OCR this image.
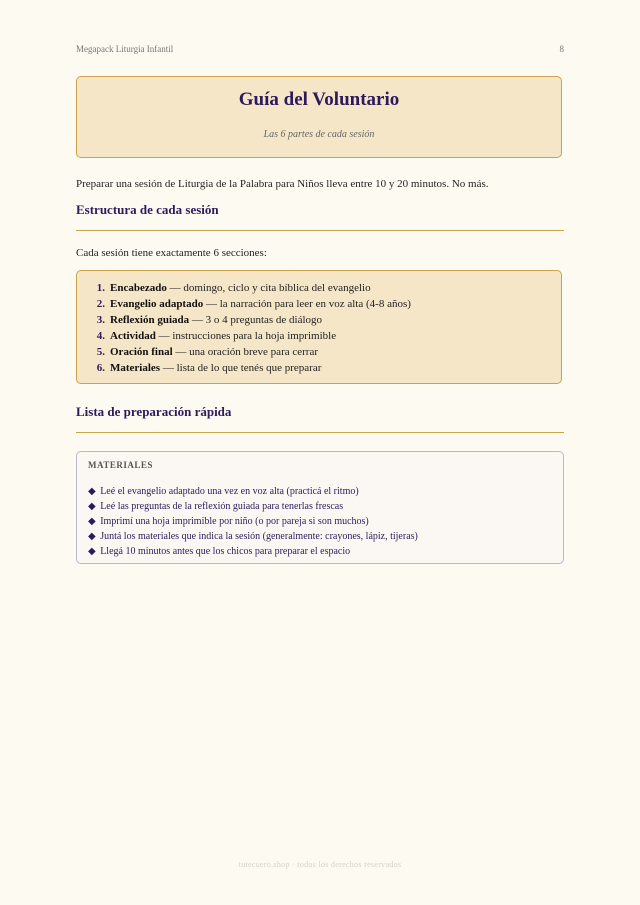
Megapack Liturgia Infantil	8
Guía del Voluntario
Las 6 partes de cada sesión
Preparar una sesión de Liturgia de la Palabra para Niños lleva entre 10 y 20 minutos. No más.
Estructura de cada sesión
Cada sesión tiene exactamente 6 secciones:
1. Encabezado — domingo, ciclo y cita bíblica del evangelio
2. Evangelio adaptado — la narración para leer en voz alta (4-8 años)
3. Reflexión guiada — 3 o 4 preguntas de diálogo
4. Actividad — instrucciones para la hoja imprimible
5. Oración final — una oración breve para cerrar
6. Materiales — lista de lo que tenés que preparar
Lista de preparación rápida
MATERIALES
◆ Leé el evangelio adaptado una vez en voz alta (practicá el ritmo)
◆ Leé las preguntas de la reflexión guiada para tenerlas frescas
◆ Imprimí una hoja imprimible por niño (o por pareja si son muchos)
◆ Juntá los materiales que indica la sesión (generalmente: crayones, lápiz, tijeras)
◆ Llegá 10 minutos antes que los chicos para preparar el espacio
tutecuero.shop · todos los derechos reservados
